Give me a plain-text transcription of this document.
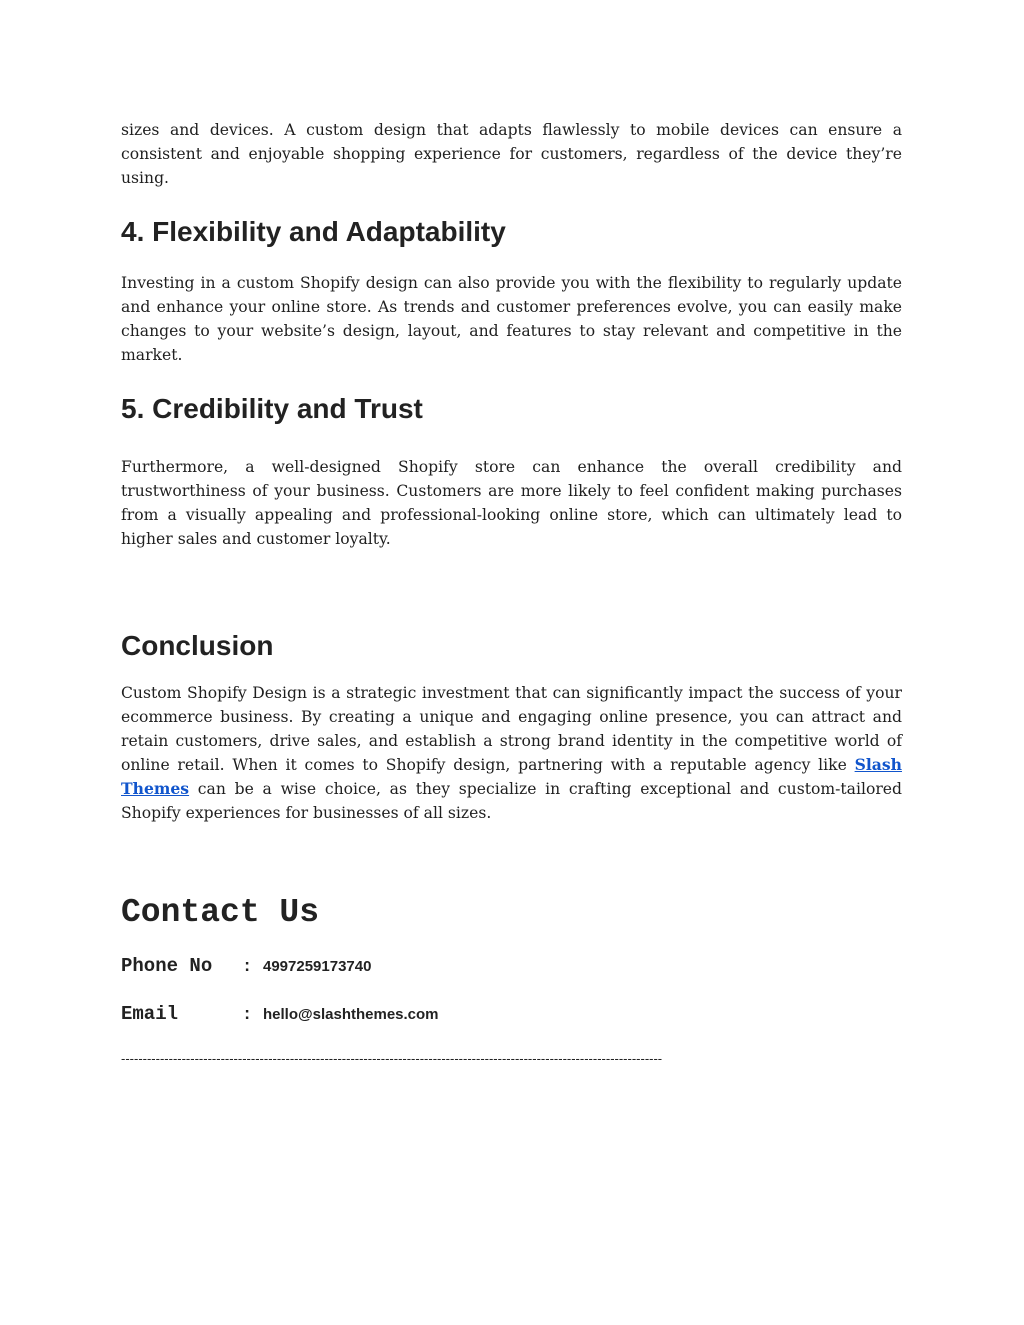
sizes and devices. A custom design that adapts flawlessly to mobile devices can ensure a consistent and enjoyable shopping experience for customers, regardless of the device they’re using.

4. Flexibility and Adaptability

Investing in a custom Shopify design can also provide you with the flexibility to regularly update and enhance your online store. As trends and customer preferences evolve, you can easily make changes to your website’s design, layout, and features to stay relevant and competitive in the market.

5. Credibility and Trust

Furthermore, a well-designed Shopify store can enhance the overall credibility and trustworthiness of your business. Customers are more likely to feel confident making purchases from a visually appealing and professional-looking online store, which can ultimately lead to higher sales and customer loyalty.

Conclusion

Custom Shopify Design is a strategic investment that can significantly impact the success of your ecommerce business. By creating a unique and engaging online presence, you can attract and retain customers, drive sales, and establish a strong brand identity in the competitive world of online retail. When it comes to Shopify design, partnering with a reputable agency like Slash Themes can be a wise choice, as they specialize in crafting exceptional and custom-tailored Shopify experiences for businesses of all sizes.

Contact Us
Phone No	: 4997259173740
Email	: hello@slashthemes.com
-----------------------------------------------------------------------------------------------------------------------------
